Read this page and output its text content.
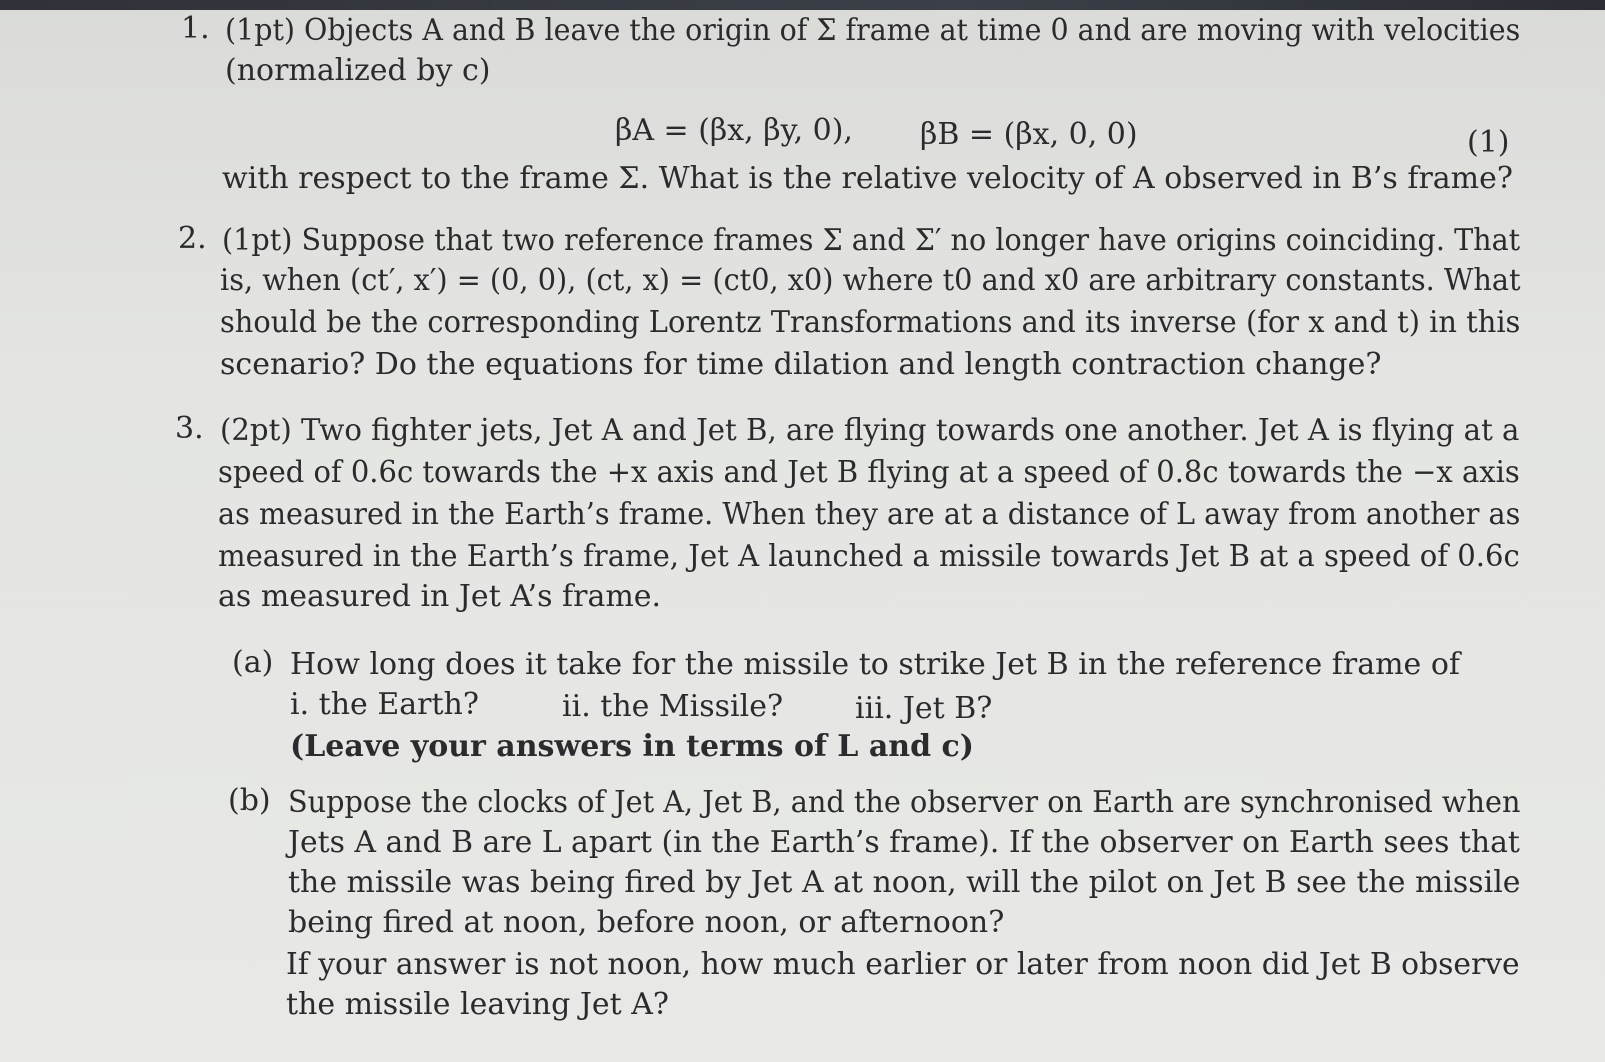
1. (1pt) Objects A and B leave the origin of Σ frame at time 0 and are moving with velocities
(normalized by c)
βA = (βx, βy, 0), βB = (βx, 0, 0)	(1)
with respect to the frame Σ. What is the relative velocity of A observed in B’s frame?
2. (1pt) Suppose that two reference frames Σ and Σ′ no longer have origins coinciding. That
is, when (ct′, x′) = (0, 0), (ct, x) = (ct0, x0) where t0 and x0 are arbitrary constants. What
should be the corresponding Lorentz Transformations and its inverse (for x and t) in this
scenario? Do the equations for time dilation and length contraction change?
3. (2pt) Two fighter jets, Jet A and Jet B, are flying towards one another. Jet A is flying at a
speed of 0.6c towards the +x axis and Jet B flying at a speed of 0.8c towards the −x axis
as measured in the Earth’s frame. When they are at a distance of L away from another as
measured in the Earth’s frame, Jet A launched a missile towards Jet B at a speed of 0.6c
as measured in Jet A’s frame.
(a) How long does it take for the missile to strike Jet B in the reference frame of
i. the Earth?	ii. the Missile? iii. Jet B?
(Leave your answers in terms of L and c)
(b) Suppose the clocks of Jet A, Jet B, and the observer on Earth are synchronised when
Jets A and B are L apart (in the Earth’s frame). If the observer on Earth sees that
the missile was being fired by Jet A at noon, will the pilot on Jet B see the missile
being fired at noon, before noon, or afternoon?
If your answer is not noon, how much earlier or later from noon did Jet B observe
the missile leaving Jet A?
